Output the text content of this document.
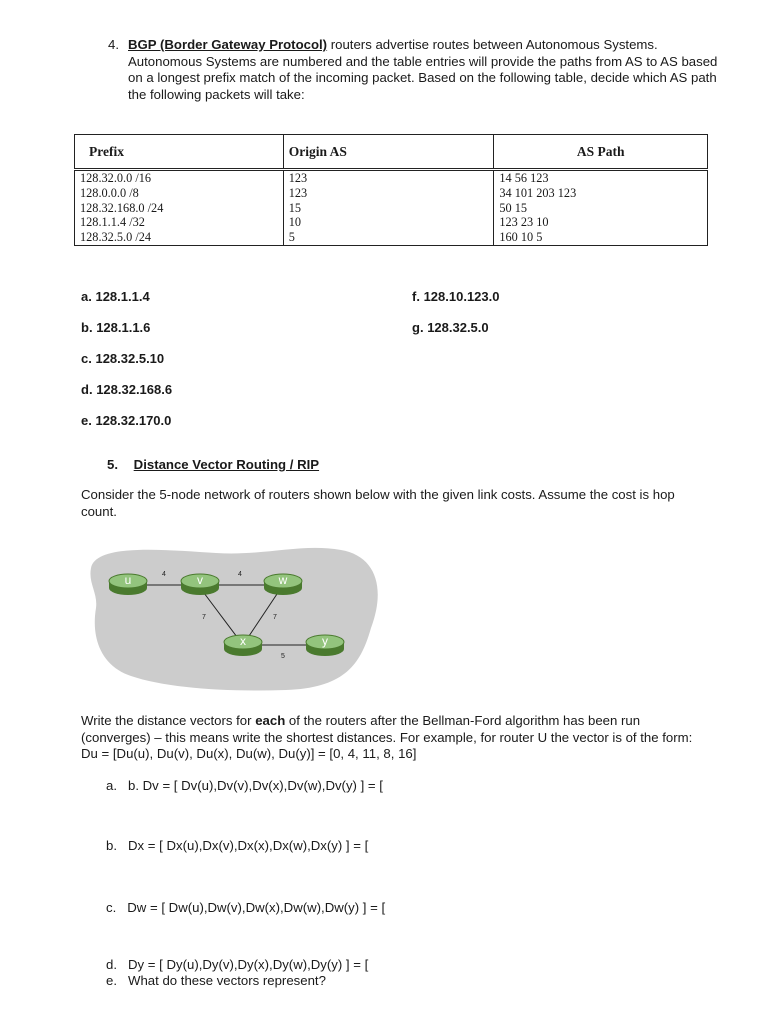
4. BGP (Border Gateway Protocol) routers advertise routes between Autonomous Systems. Autonomous Systems are numbered and the table entries will provide the paths from AS to AS based on a longest prefix match of the incoming packet. Based on the following table, decide which AS path the following packets will take:
Prefix	Origin AS	AS Path
128.32.0.0 /16	123	14 56 123
128.0.0.0 /8	123	34 101 203 123
128.32.168.0 /24	15	50 15
128.1.1.4 /32	10	123 23 10
128.32.5.0 /24	5	160 10 5
a. 128.1.1.4
b. 128.1.1.6
c. 128.32.5.10
d. 128.32.168.6
e. 128.32.170.0
f. 128.10.123.0
g. 128.32.5.0
5. Distance Vector Routing / RIP
Consider the 5-node network of routers shown below with the given link costs. Assume the cost is hop count.
4	4
7	7
5
u	v	w
x	y
Write the distance vectors for each of the routers after the Bellman-Ford algorithm has been run (converges) – this means write the shortest distances. For example, for router U the vector is of the form: Du = [Du(u), Du(v), Du(x), Du(w), Du(y)] = [0, 4, 11, 8, 16]
a. b. Dv = [ Dv(u),Dv(v),Dv(x),Dv(w),Dv(y) ] = [
b. Dx = [ Dx(u),Dx(v),Dx(x),Dx(w),Dx(y) ] = [
c. Dw = [ Dw(u),Dw(v),Dw(x),Dw(w),Dw(y) ] = [
d. Dy = [ Dy(u),Dy(v),Dy(x),Dy(w),Dy(y) ] = [
e. What do these vectors represent?
